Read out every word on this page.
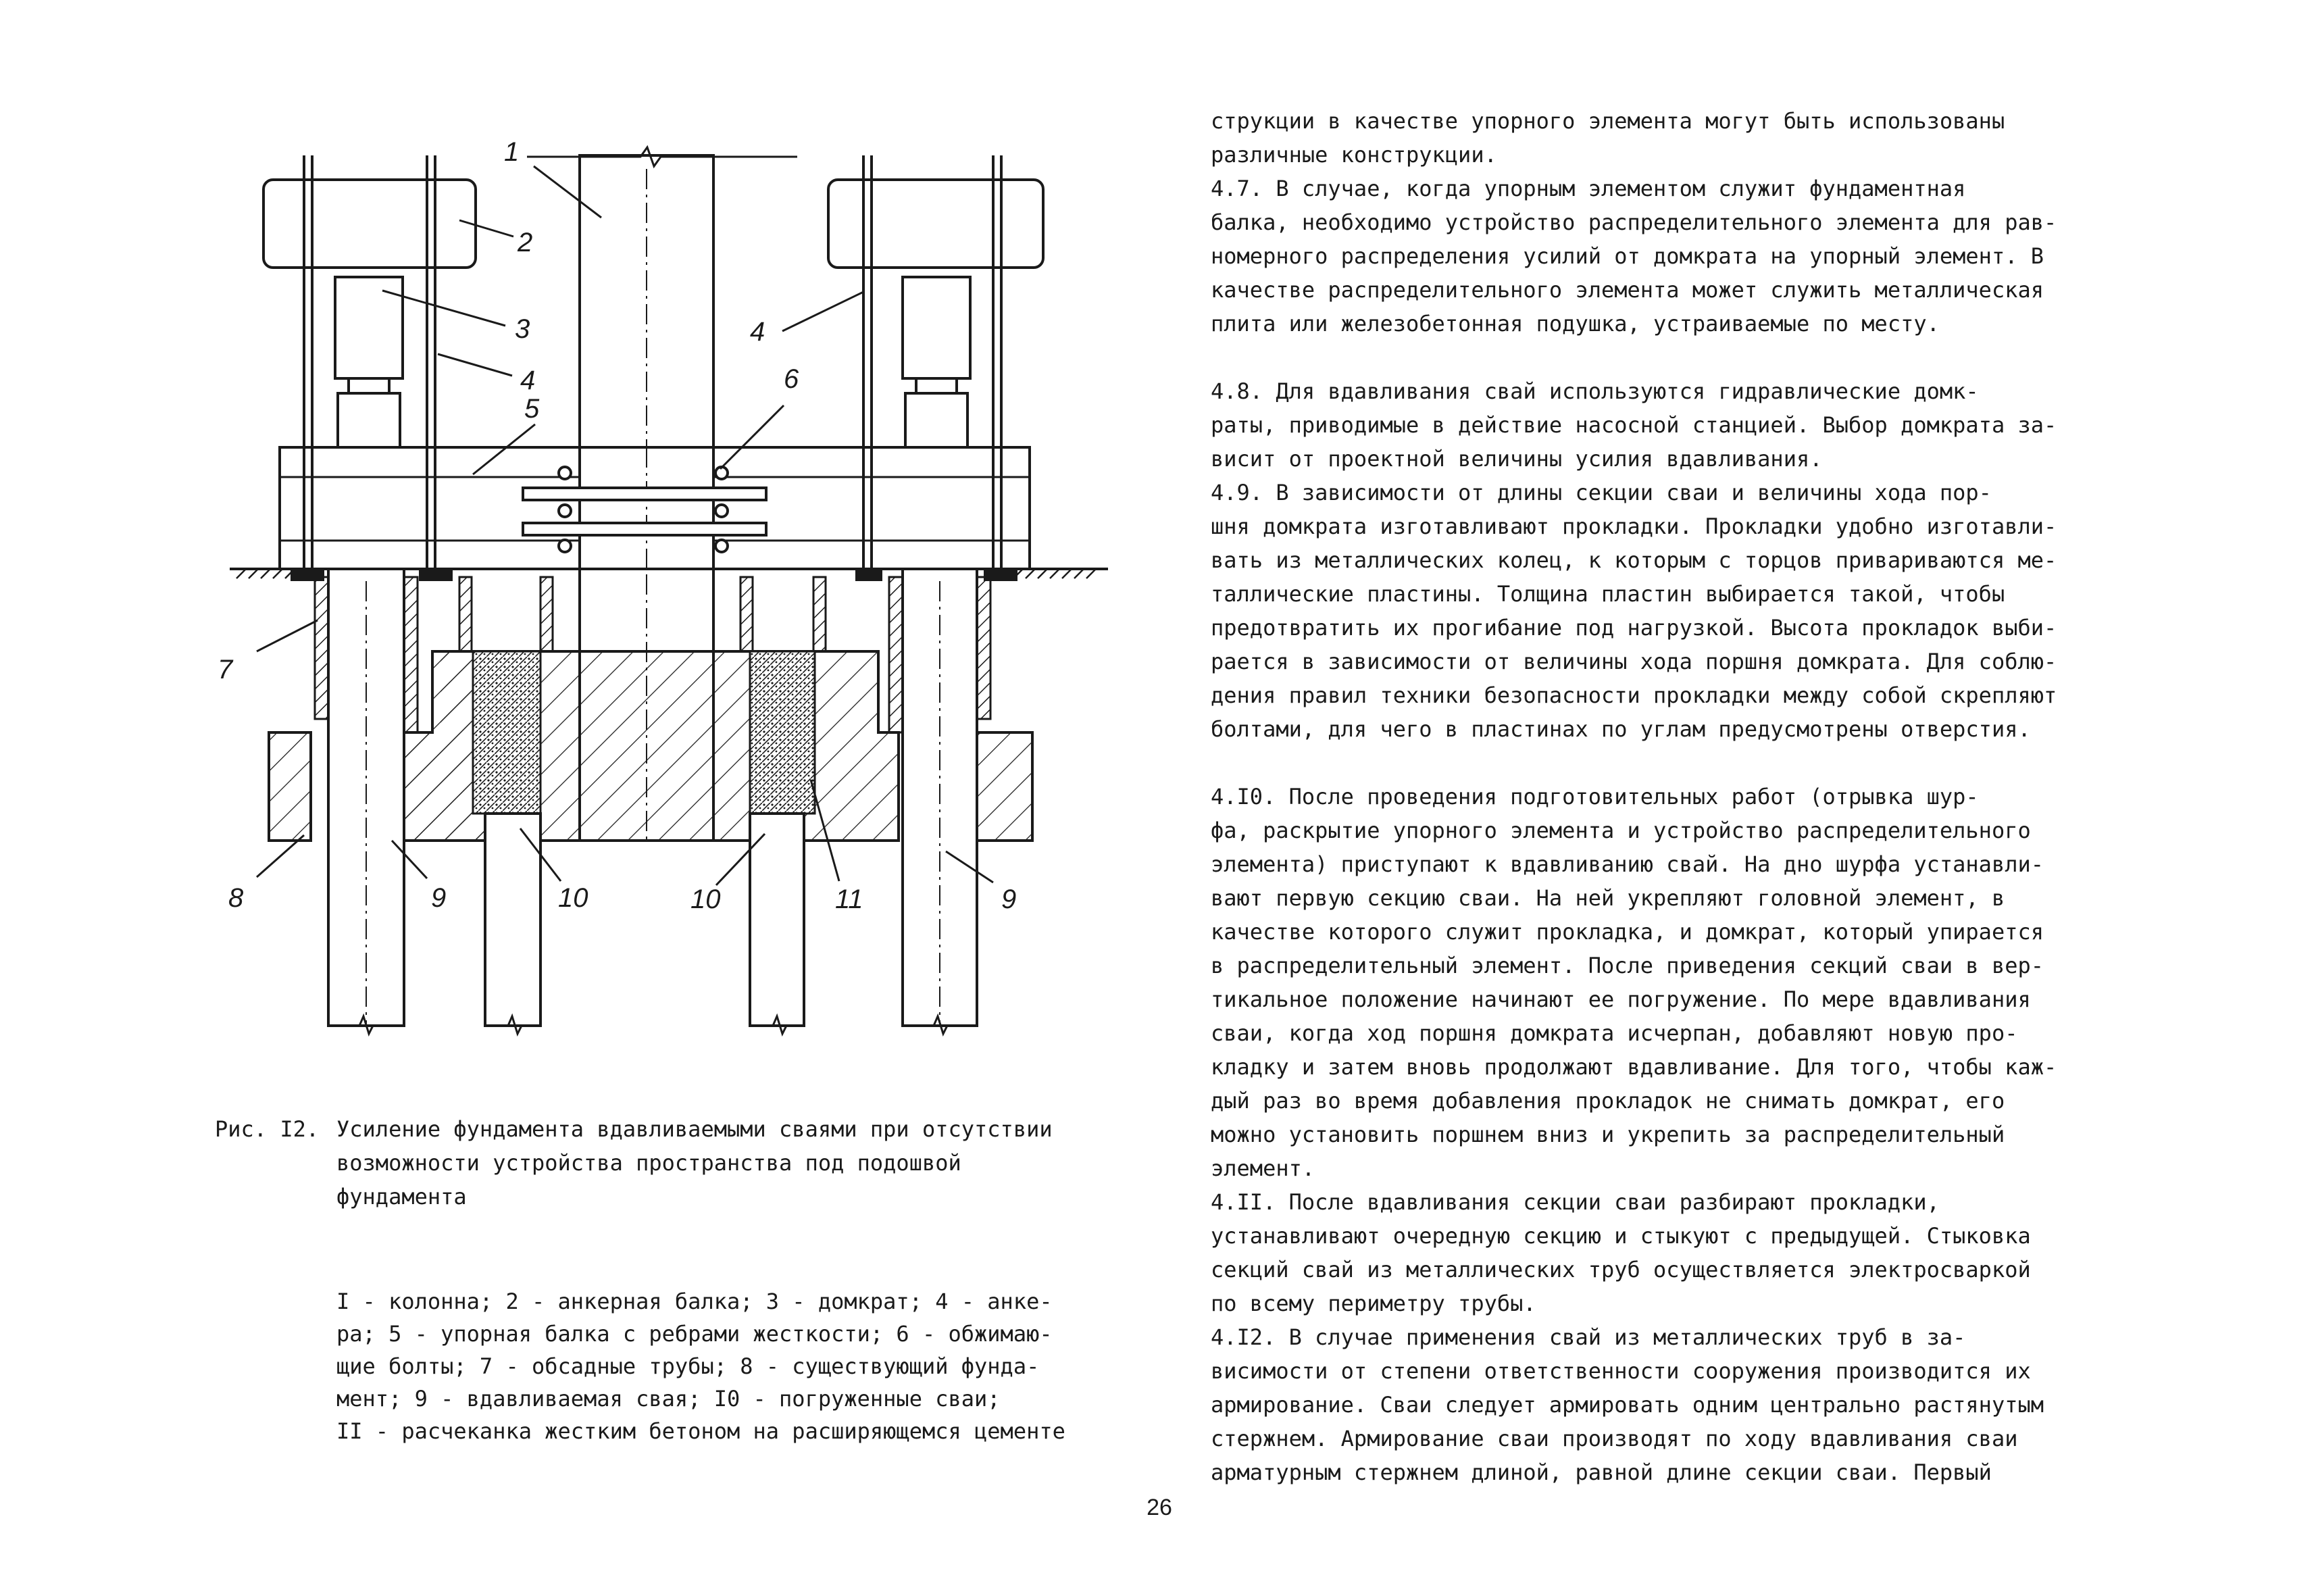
1
2
3
4
4
5
6
7
8	9	10	10	11	9
Рис. I2. Усиление фундамента вдавливаемыми сваями при отсутствии
возможности устройства пространства под подошвой
фундамента
I - колонна; 2 - анкерная балка; 3 - домкрат; 4 - анке-
ра; 5 - упорная балка с ребрами жесткости; 6 - обжимаю-
щие болты; 7 - обсадные трубы; 8 - существующий фунда-
мент; 9 - вдавливаемая свая; I0 - погруженные сваи;
II - расчеканка жестким бетоном на расширяющемся цементе

струкции в качестве упорного элемента могут быть использованы
различные конструкции.

4.7. В случае, когда упорным элементом служит фундаментная
балка, необходимо устройство распределительного элемента для рав-
номерного распределения усилий от домкрата на упорный элемент. В
качестве распределительного элемента может служить металлическая
плита или железобетонная подушка, устраиваемые по месту.

4.8. Для вдавливания свай используются гидравлические домк-
раты, приводимые в действие насосной станцией. Выбор домкрата за-
висит от проектной величины усилия вдавливания.

4.9. В зависимости от длины секции сваи и величины хода пор-
шня домкрата изготавливают прокладки. Прокладки удобно изготавли-
вать из металлических колец, к которым с торцов привариваются ме-
таллические пластины. Толщина пластин выбирается такой, чтобы
предотвратить их прогибание под нагрузкой. Высота прокладок выби-
рается в зависимости от величины хода поршня домкрата. Для соблю-
дения правил техники безопасности прокладки между собой скрепляют
болтами, для чего в пластинах по углам предусмотрены отверстия.

4.I0. После проведения подготовительных работ (отрывка шур-
фа, раскрытие упорного элемента и устройство распределительного
элемента) приступают к вдавливанию свай. На дно шурфа устанавли-
вают первую секцию сваи. На ней укрепляют головной элемент, в
качестве которого служит прокладка, и домкрат, который упирается
в распределительный элемент. После приведения секций сваи в вер-
тикальное положение начинают ее погружение. По мере вдавливания
сваи, когда ход поршня домкрата исчерпан, добавляют новую про-
кладку и затем вновь продолжают вдавливание. Для того, чтобы каж-
дый раз во время добавления прокладок не снимать домкрат, его
можно установить поршнем вниз и укрепить за распределительный
элемент.

4.II. После вдавливания секции сваи разбирают прокладки,
устанавливают очередную секцию и стыкуют с предыдущей. Стыковка
секций свай из металлических труб осуществляется электросваркой
по всему периметру трубы.

4.I2. В случае применения свай из металлических труб в за-
висимости от степени ответственности сооружения производится их
армирование. Сваи следует армировать одним центрально растянутым
стержнем. Армирование сваи производят по ходу вдавливания сваи
арматурным стержнем длиной, равной длине секции сваи. Первый

26
